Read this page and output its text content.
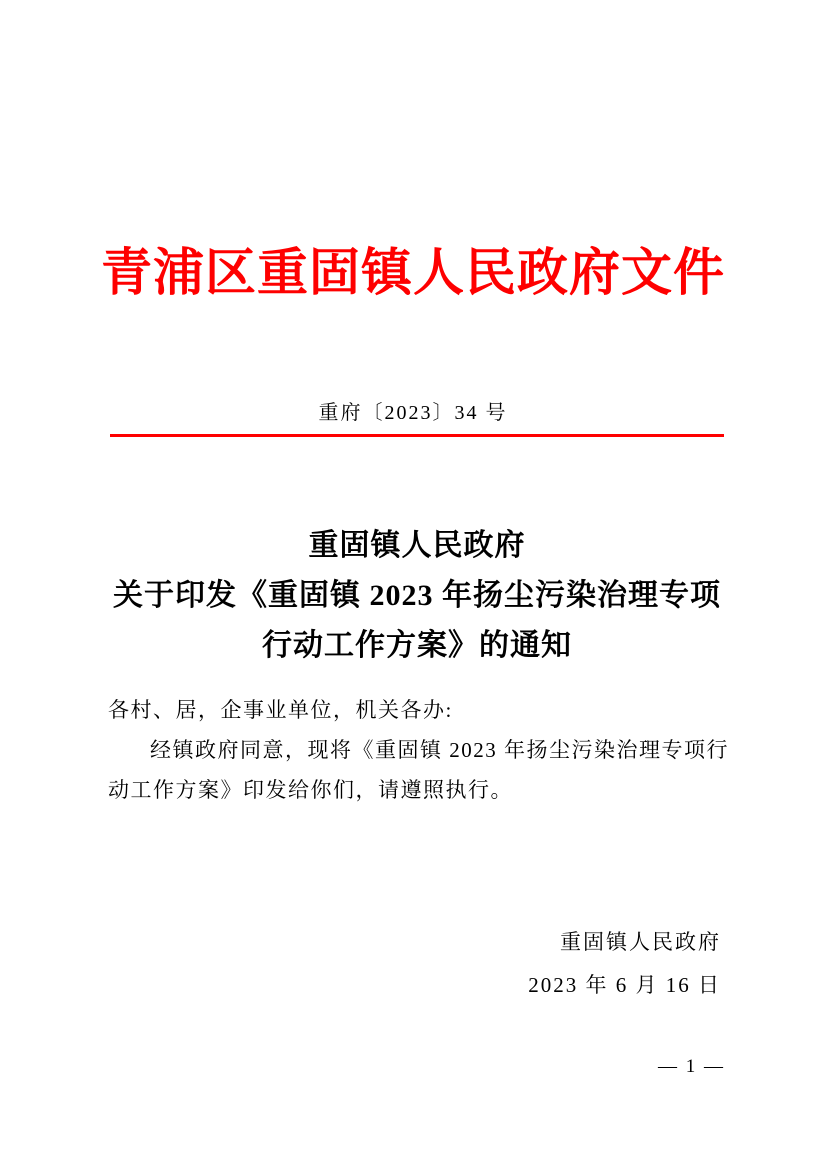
青浦区重固镇人民政府文件
重府〔2023〕34 号
重固镇人民政府
关于印发《重固镇 2023 年扬尘污染治理专项
行动工作方案》的通知
各村、居，企事业单位，机关各办:
经镇政府同意，现将《重固镇 2023 年扬尘污染治理专项行
动工作方案》印发给你们，请遵照执行。
重固镇人民政府
2023 年 6 月 16 日
— 1 —
